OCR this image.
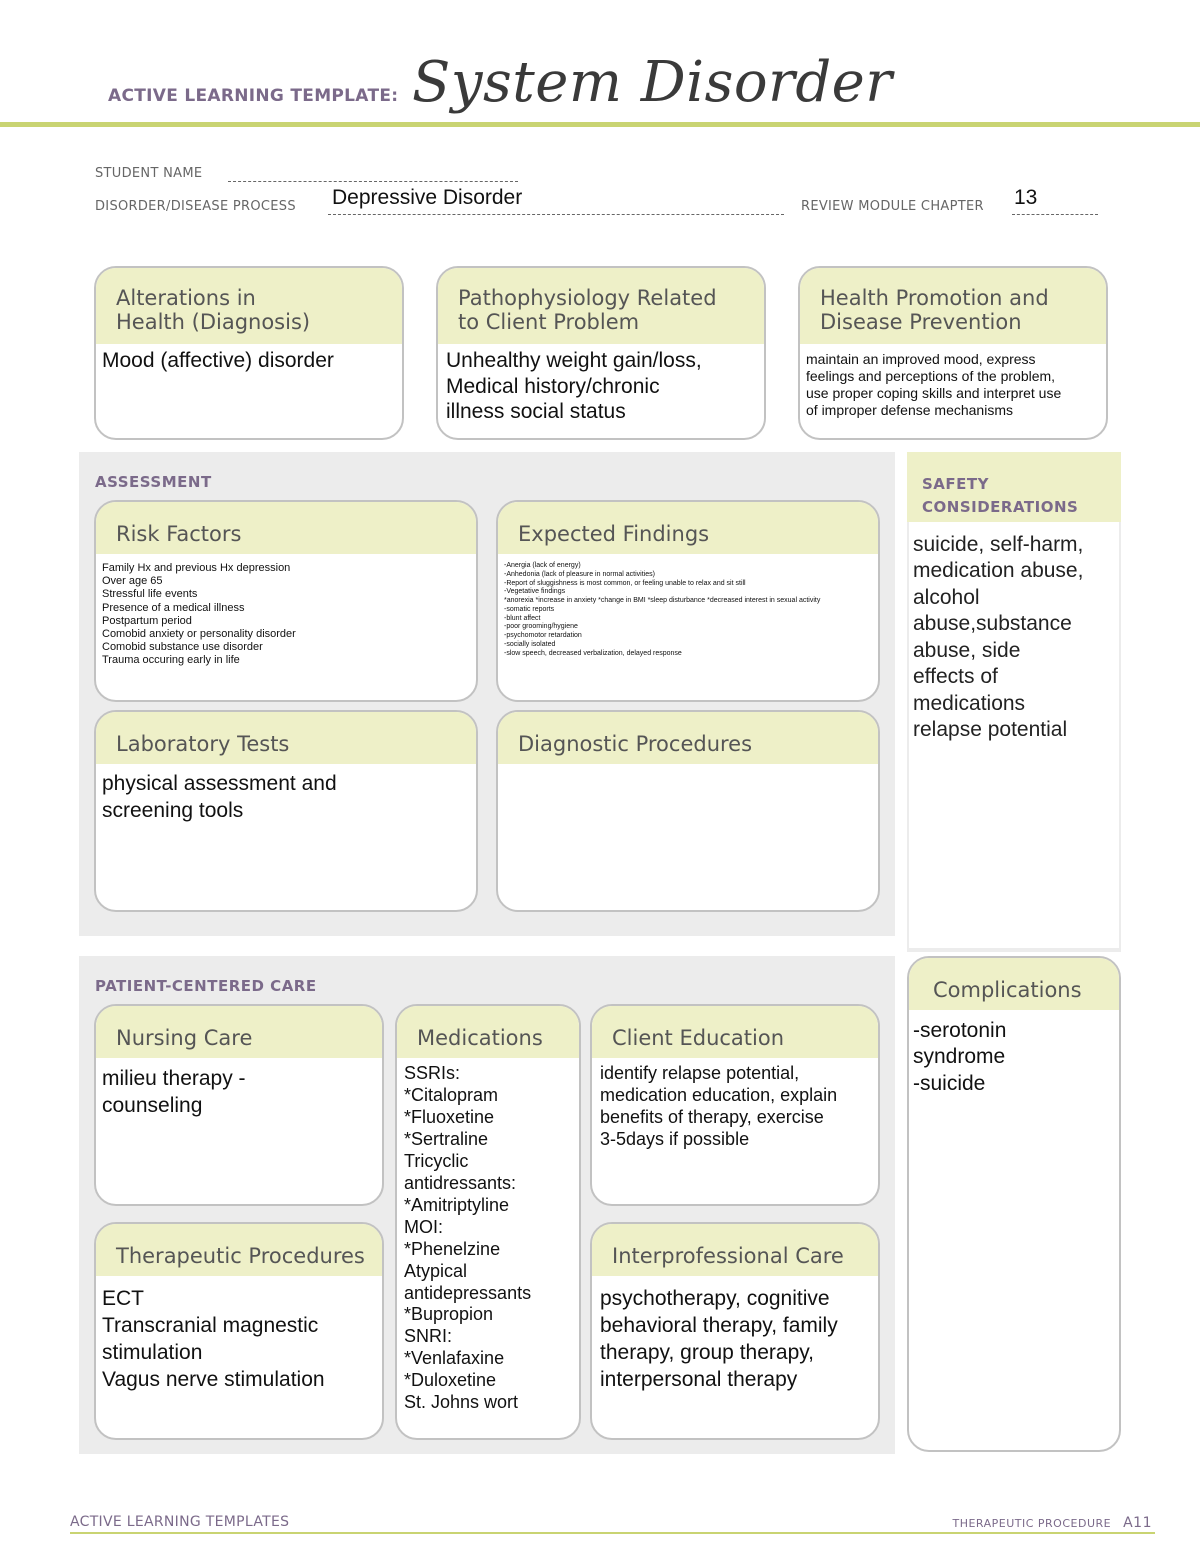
ACTIVE LEARNING TEMPLATE: System Disorder
STUDENT NAME
DISORDER/DISEASE PROCESS Depressive Disorder	REVIEW MODULE CHAPTER 13
Alterations in
Health (Diagnosis)
Mood (affective) disorder
Pathophysiology Related
to Client Problem
Unhealthy weight gain/loss,
Medical history/chronic
illness social status
Health Promotion and
Disease Prevention
maintain an improved mood, express
feelings and perceptions of the problem,
use proper coping skills and interpret use
of improper defense mechanisms
ASSESSMENT
Risk Factors
Family Hx and previous Hx depression
Over age 65
Stressful life events
Presence of a medical illness
Postpartum period
Comobid anxiety or personality disorder
Comobid substance use disorder
Trauma occuring early in life
Expected Findings
-Anergia (lack of energy)
-Anhedonia (lack of pleasure in normal activities)
-Report of sluggishness is most common, or feeling unable to relax and sit still
-Vegetative findings
*anorexia *increase in anxiety *change in BMI *sleep disturbance *decreased interest in sexual activity
-somatic reports
-blunt affect
-poor grooming/hygiene
-psychomotor retardation
-socially isolated
-slow speech, decreased verbalization, delayed response
Laboratory Tests
physical assessment and
screening tools
Diagnostic Procedures
SAFETY
CONSIDERATIONS
suicide, self-harm,
medication abuse,
alcohol
abuse,substance
abuse, side
effects of
medications
relapse potential
PATIENT-CENTERED CARE
Nursing Care
milieu therapy -
counseling
Medications
SSRIs:
*Citalopram
*Fluoxetine
*Sertraline
Tricyclic
antidressants:
*Amitriptyline
MOI:
*Phenelzine
Atypical
antidepressants
*Bupropion
SNRI:
*Venlafaxine
*Duloxetine
St. Johns wort
Client Education
identify relapse potential,
medication education, explain
benefits of therapy, exercise
3-5days if possible
Therapeutic Procedures
ECT
Transcranial magnestic
stimulation
Vagus nerve stimulation
Interprofessional Care
psychotherapy, cognitive
behavioral therapy, family
therapy, group therapy,
interpersonal therapy
Complications
-serotonin
syndrome
-suicide
ACTIVE LEARNING TEMPLATES	THERAPEUTIC PROCEDURE A11
